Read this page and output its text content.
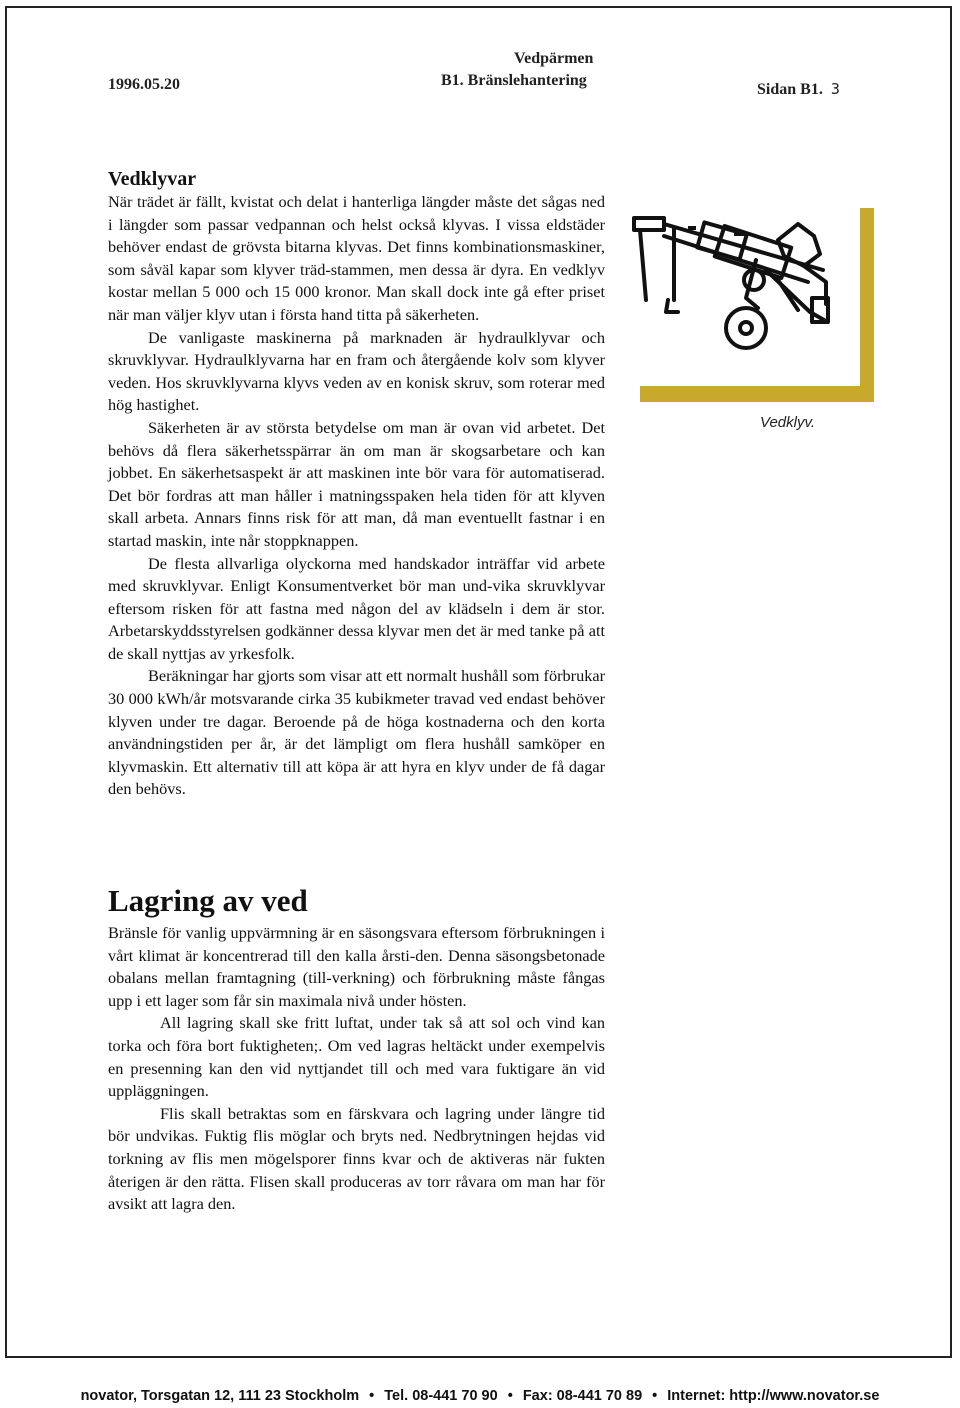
1996.05.20
Vedpärmen
B1. Bränslehantering
Sidan B1. 3
Vedklyvar

När trädet är fällt, kvistat och delat i hanterliga längder måste det sågas ned i längder som passar vedpannan och helst också klyvas. I vissa eldstäder behöver endast de grövsta bitarna klyvas. Det finns kombinationsmaskiner, som såväl kapar som klyver träd-stammen, men dessa är dyra. En vedklyv kostar mellan 5 000 och 15 000 kronor. Man skall dock inte gå efter priset när man väljer klyv utan i första hand titta på säkerheten.

De vanligaste maskinerna på marknaden är hydraulklyvar och skruvklyvar. Hydraulklyvarna har en fram och återgående kolv som klyver veden. Hos skruvklyvarna klyvs veden av en konisk skruv, som roterar med hög hastighet.

Säkerheten är av största betydelse om man är ovan vid arbetet. Det behövs då flera säkerhetsspärrar än om man är skogsarbetare och kan jobbet. En säkerhetsaspekt är att maskinen inte bör vara för automatiserad. Det bör fordras att man håller i matningsspaken hela tiden för att klyven skall arbeta. Annars finns risk för att man, då man eventuellt fastnar i en startad maskin, inte når stoppknappen.

De flesta allvarliga olyckorna med handskador inträffar vid arbete med skruvklyvar. Enligt Konsumentverket bör man und-vika skruvklyvar eftersom risken för att fastna med någon del av klädseln i dem är stor. Arbetarskyddsstyrelsen godkänner dessa klyvar men det är med tanke på att de skall nyttjas av yrkesfolk.

Beräkningar har gjorts som visar att ett normalt hushåll som förbrukar 30 000 kWh/år motsvarande cirka 35 kubikmeter travad ved endast behöver klyven under tre dagar. Beroende på de höga kostnaderna och den korta användningstiden per år, är det lämpligt om flera hushåll samköper en klyvmaskin. Ett alternativ till att köpa är att hyra en klyv under de få dagar den behövs.

Vedklyv.
Lagring av ved

Bränsle för vanlig uppvärmning är en säsongsvara eftersom förbrukningen i vårt klimat är koncentrerad till den kalla årsti-den. Denna säsongsbetonade obalans mellan framtagning (till-verkning) och förbrukning måste fångas upp i ett lager som får sin maximala nivå under hösten.

All lagring skall ske fritt luftat, under tak så att sol och vind kan torka och föra bort fuktigheten;. Om ved lagras heltäckt under exempelvis en presenning kan den vid nyttjandet till och med vara fuktigare än vid uppläggningen.

Flis skall betraktas som en färskvara och lagring under längre tid bör undvikas. Fuktig flis möglar och bryts ned. Nedbrytningen hejdas vid torkning av flis men mögelsporer finns kvar och de aktiveras när fukten återigen är den rätta. Flisen skall produceras av torr råvara om man har för avsikt att lagra den.

novator, Torsgatan 12, 111 23 Stockholm • Tel. 08-441 70 90 • Fax: 08-441 70 89 • Internet: http://www.novator.se
